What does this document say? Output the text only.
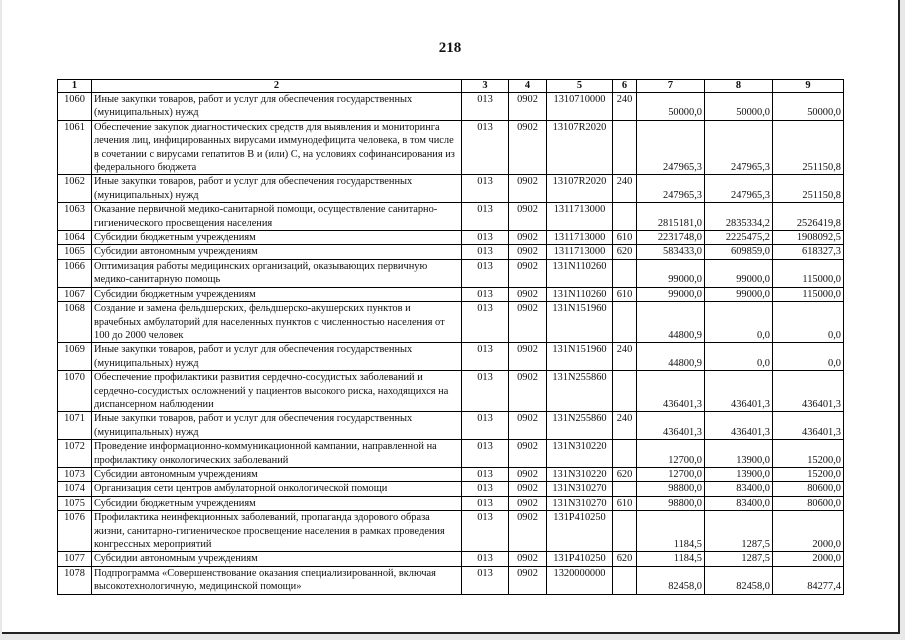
218
1	2	3	4	5	6	7	8	9
1060	Иные закупки товаров, работ и услуг для обеспечения государственных (муниципальных) нужд	013	0902	1310710000	240	50000,0	50000,0	50000,0
1061	Обеспечение закупок диагностических средств для выявления и мониторинга лечения лиц, инфицированных вирусами иммунодефицита человека, в том числе в сочетании с вирусами гепатитов В и (или) С, на условиях софинансирования из федерального бюджета	013	0902	13107R2020		247965,3	247965,3	251150,8
1062	Иные закупки товаров, работ и услуг для обеспечения государственных (муниципальных) нужд	013	0902	13107R2020	240	247965,3	247965,3	251150,8
1063	Оказание первичной медико-санитарной помощи, осуществление санитарно-гигиенического просвещения населения	013	0902	1311713000		2815181,0	2835334,2	2526419,8
1064	Субсидии бюджетным учреждениям	013	0902	1311713000	610	2231748,0	2225475,2	1908092,5
1065	Субсидии автономным учреждениям	013	0902	1311713000	620	583433,0	609859,0	618327,3
1066	Оптимизация работы медицинских организаций, оказывающих первичную медико-санитарную помощь	013	0902	131N110260		99000,0	99000,0	115000,0
1067	Субсидии бюджетным учреждениям	013	0902	131N110260	610	99000,0	99000,0	115000,0
1068	Создание и замена фельдшерских, фельдшерско-акушерских пунктов и врачебных амбулаторий для населенных пунктов с численностью населения от 100 до 2000 человек	013	0902	131N151960		44800,9	0,0	0,0
1069	Иные закупки товаров, работ и услуг для обеспечения государственных (муниципальных) нужд	013	0902	131N151960	240	44800,9	0,0	0,0
1070	Обеспечение профилактики развития сердечно-сосудистых заболеваний и сердечно-сосудистых осложнений у пациентов высокого риска, находящихся на диспансерном наблюдении	013	0902	131N255860		436401,3	436401,3	436401,3
1071	Иные закупки товаров, работ и услуг для обеспечения государственных (муниципальных) нужд	013	0902	131N255860	240	436401,3	436401,3	436401,3
1072	Проведение информационно-коммуникационной кампании, направленной на профилактику онкологических заболеваний	013	0902	131N310220		12700,0	13900,0	15200,0
1073	Субсидии автономным учреждениям	013	0902	131N310220	620	12700,0	13900,0	15200,0
1074	Организация сети центров амбулаторной онкологической помощи	013	0902	131N310270		98800,0	83400,0	80600,0
1075	Субсидии бюджетным учреждениям	013	0902	131N310270	610	98800,0	83400,0	80600,0
1076	Профилактика неинфекционных заболеваний, пропаганда здорового образа жизни, санитарно-гигиеническое просвещение населения в рамках проведения конгрессных мероприятий	013	0902	131P410250		1184,5	1287,5	2000,0
1077	Субсидии автономным учреждениям	013	0902	131P410250	620	1184,5	1287,5	2000,0
1078	Подпрограмма «Совершенствование оказания специализированной, включая высокотехнологичную, медицинской помощи»	013	0902	1320000000		82458,0	82458,0	84277,4
